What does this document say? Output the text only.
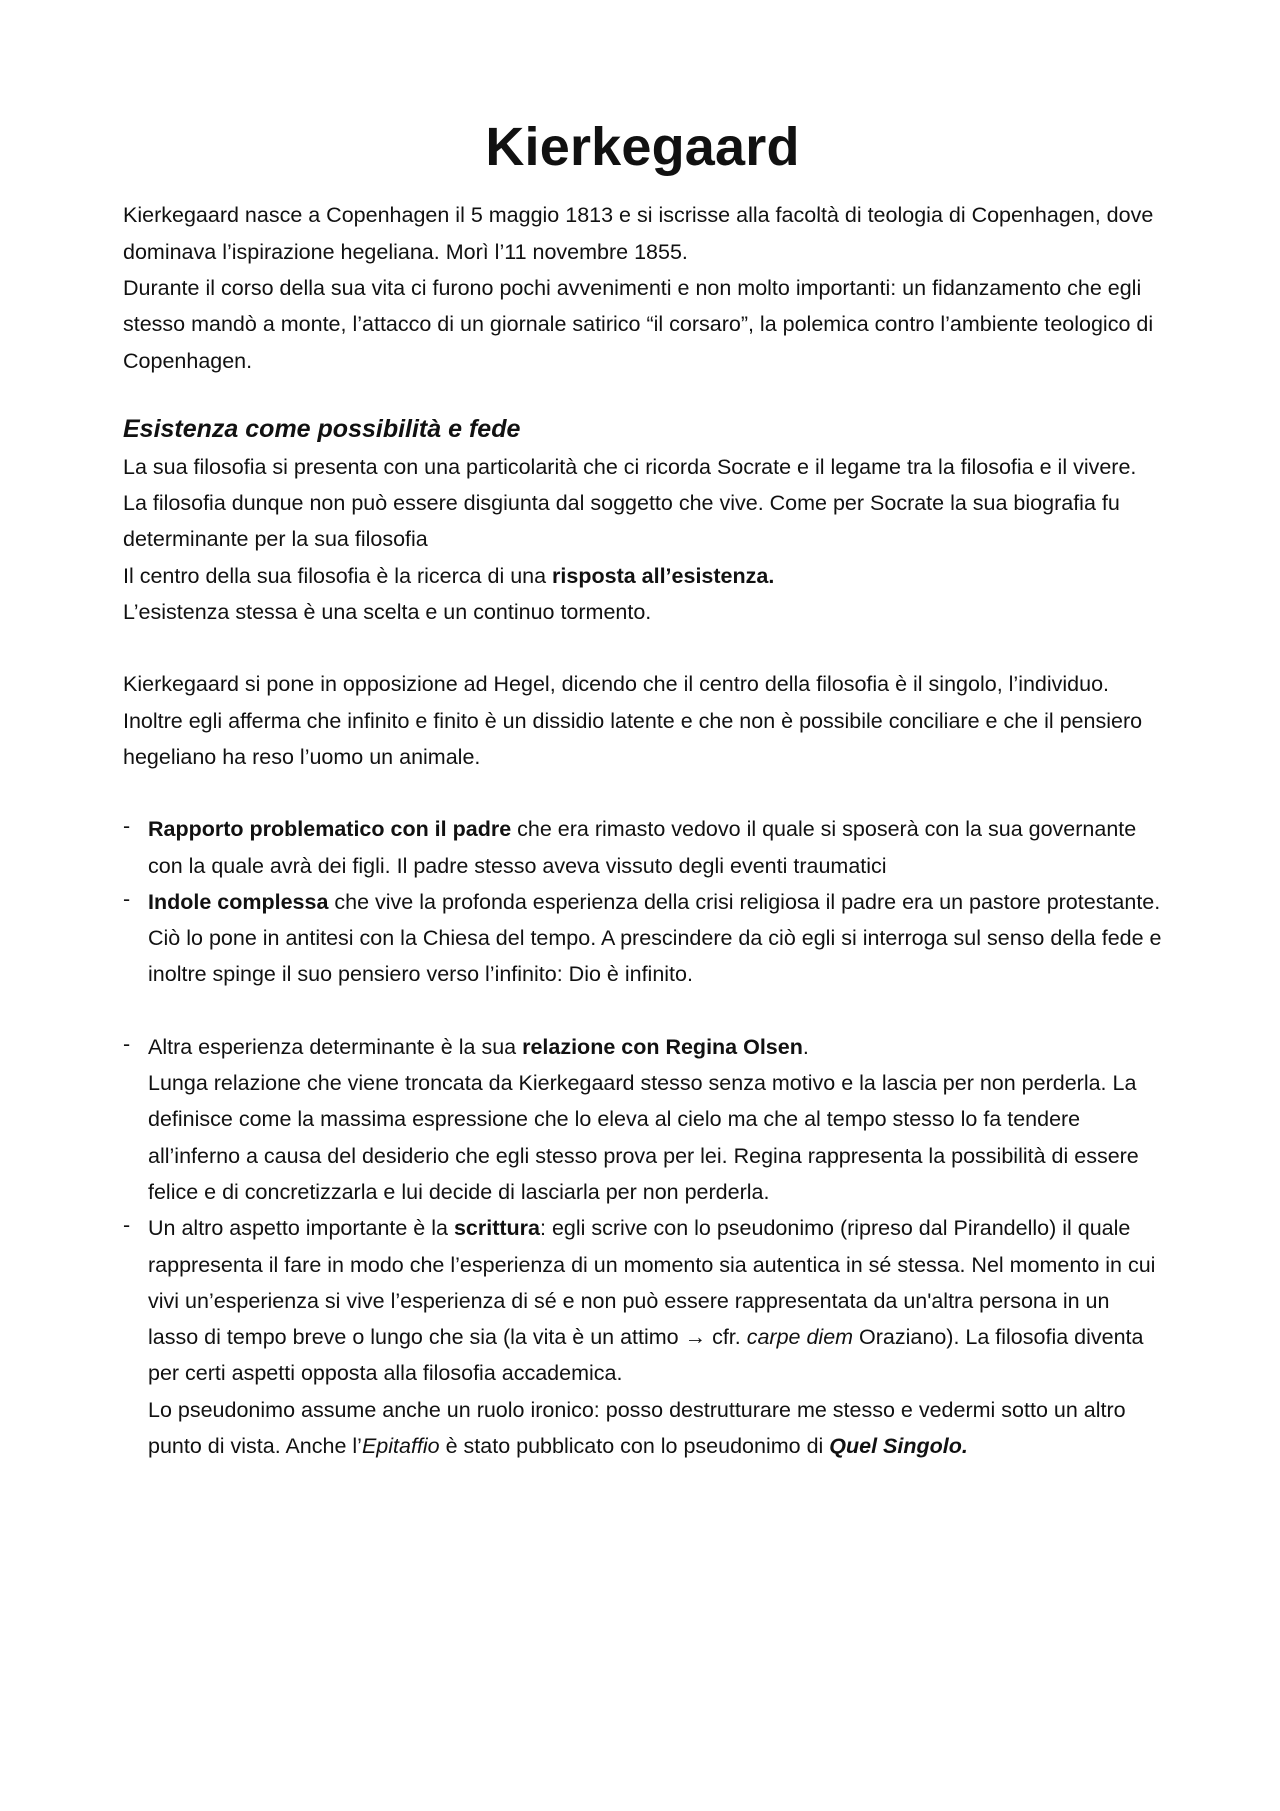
Kierkegaard

Kierkegaard nasce a Copenhagen il 5 maggio 1813 e si iscrisse alla facoltà di teologia di Copenhagen, dove dominava l’ispirazione hegeliana. Morì l’11 novembre 1855.

Durante il corso della sua vita ci furono pochi avvenimenti e non molto importanti: un fidanzamento che egli stesso mandò a monte, l’attacco di un giornale satirico “il corsaro”, la polemica contro l’ambiente teologico di Copenhagen.

Esistenza come possibilità e fede

La sua filosofia si presenta con una particolarità che ci ricorda Socrate e il legame tra la filosofia e il vivere. La filosofia dunque non può essere disgiunta dal soggetto che vive. Come per Socrate la sua biografia fu determinante per la sua filosofia

Il centro della sua filosofia è la ricerca di una risposta all’esistenza.

L’esistenza stessa è una scelta e un continuo tormento.

Kierkegaard si pone in opposizione ad Hegel, dicendo che il centro della filosofia è il singolo, l’individuo.

Inoltre egli afferma che infinito e finito è un dissidio latente e che non è possibile conciliare e che il pensiero hegeliano ha reso l’uomo un animale.

- Rapporto problematico con il padre che era rimasto vedovo il quale si sposerà con la sua governante con la quale avrà dei figli. Il padre stesso aveva vissuto degli eventi traumatici
- Indole complessa che vive la profonda esperienza della crisi religiosa il padre era un pastore protestante.
Ciò lo pone in antitesi con la Chiesa del tempo. A prescindere da ciò egli si interroga sul senso della fede e inoltre spinge il suo pensiero verso l’infinito: Dio è infinito.
- Altra esperienza determinante è la sua relazione con Regina Olsen.
Lunga relazione che viene troncata da Kierkegaard stesso senza motivo e la lascia per non perderla. La definisce come la massima espressione che lo eleva al cielo ma che al tempo stesso lo fa tendere all’inferno a causa del desiderio che egli stesso prova per lei. Regina rappresenta la possibilità di essere felice e di concretizzarla e lui decide di lasciarla per non perderla.
- Un altro aspetto importante è la scrittura: egli scrive con lo pseudonimo (ripreso dal Pirandello) il quale rappresenta il fare in modo che l’esperienza di un momento sia autentica in sé stessa. Nel momento in cui vivi un’esperienza si vive l’esperienza di sé e non può essere rappresentata da un'altra persona in un lasso di tempo breve o lungo che sia (la vita è un attimo → cfr. carpe diem Oraziano). La filosofia diventa per certi aspetti opposta alla filosofia accademica.
Lo pseudonimo assume anche un ruolo ironico: posso destrutturare me stesso e vedermi sotto un altro punto di vista. Anche l’Epitaffio è stato pubblicato con lo pseudonimo di Quel Singolo.
